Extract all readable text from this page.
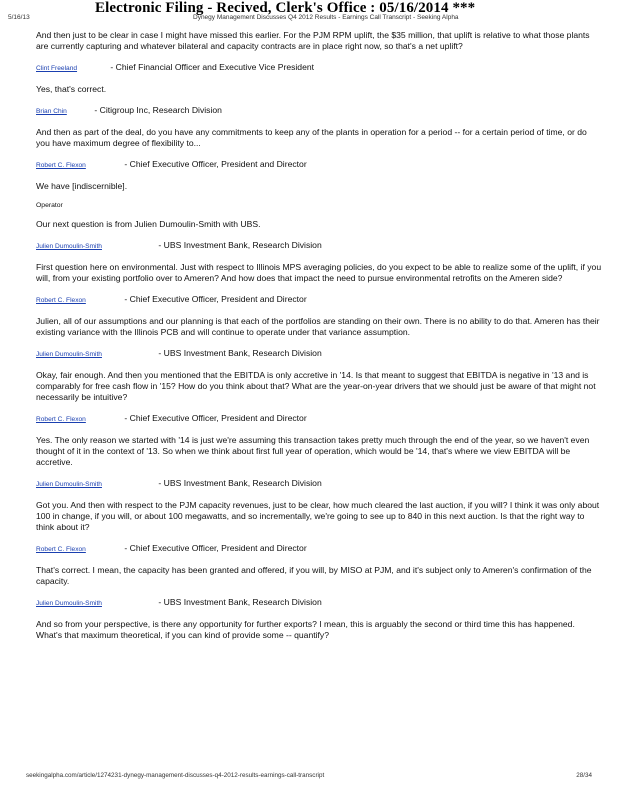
Electronic Filing - Recived, Clerk's Office : 05/16/2014 ***
5/16/13	Dynegy Management Discusses Q4 2012 Results - Earnings Call Transcript - Seeking Alpha
And then just to be clear in case I might have missed this earlier. For the PJM RPM uplift, the $35 million, that uplift is relative to what those plants are currently capturing and whatever bilateral and capacity contracts are in place right now, so that's a net uplift?
Clint Freeland	- Chief Financial Officer and Executive Vice President
Yes, that's correct.
Brian Chin	- Citigroup Inc, Research Division
And then as part of the deal, do you have any commitments to keep any of the plants in operation for a period -- for a certain period of time, or do you have maximum degree of flexibility to...
Robert C. Flexon	- Chief Executive Officer, President and Director
We have [indiscernible].
Operator
Our next question is from Julien Dumoulin-Smith with UBS.
Julien Dumoulin-Smith	- UBS Investment Bank, Research Division
First question here on environmental. Just with respect to Illinois MPS averaging policies, do you expect to be able to realize some of the uplift, if you will, from your existing portfolio over to Ameren? And how does that impact the need to pursue environmental retrofits on the Ameren side?
Robert C. Flexon	- Chief Executive Officer, President and Director
Julien, all of our assumptions and our planning is that each of the portfolios are standing on their own. There is no ability to do that. Ameren has their existing variance with the Illinois PCB and will continue to operate under that variance assumption.
Julien Dumoulin-Smith	- UBS Investment Bank, Research Division
Okay, fair enough. And then you mentioned that the EBITDA is only accretive in '14. Is that meant to suggest that EBITDA is negative in '13 and is comparably for free cash flow in '15? How do you think about that? What are the year-on-year drivers that we should just be aware of that might not necessarily be intuitive?
Robert C. Flexon	- Chief Executive Officer, President and Director
Yes. The only reason we started with '14 is just we're assuming this transaction takes pretty much through the end of the year, so we haven't even thought of it in the context of '13. So when we think about first full year of operation, which would be '14, that's where we view EBITDA will be accretive.
Julien Dumoulin-Smith	- UBS Investment Bank, Research Division
Got you. And then with respect to the PJM capacity revenues, just to be clear, how much cleared the last auction, if you will? I think it was only about 100 in change, if you will, or about 100 megawatts, and so incrementally, we're going to see up to 840 in this next auction. Is that the right way to think about it?
Robert C. Flexon	- Chief Executive Officer, President and Director
That's correct. I mean, the capacity has been granted and offered, if you will, by MISO at PJM, and it's subject only to Ameren's confirmation of the capacity.
Julien Dumoulin-Smith	- UBS Investment Bank, Research Division
And so from your perspective, is there any opportunity for further exports? I mean, this is arguably the second or third time this has happened. What's that maximum theoretical, if you can kind of provide some -- quantify?
seekingalpha.com/article/1274231-dynegy-management-discusses-q4-2012-results-earnings-call-transcript	28/34
